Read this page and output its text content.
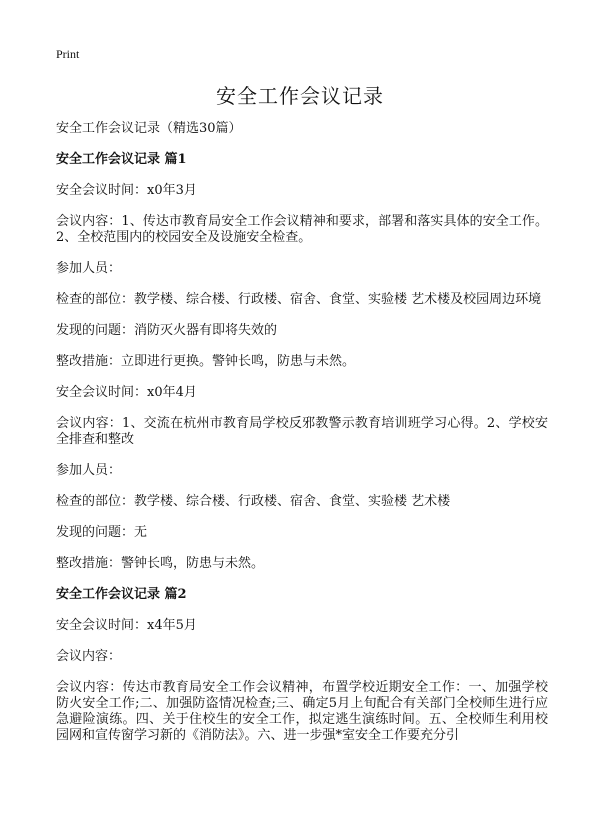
Print
安全工作会议记录

安全工作会议记录（精选30篇）

安全工作会议记录 篇1

安全会议时间：x0年3月

会议内容：1、传达市教育局安全工作会议精神和要求，部署和落实具体的安全工作。2、全校范围内的校园安全及设施安全检查。

参加人员：

检查的部位：教学楼、综合楼、行政楼、宿舍、食堂、实验楼 艺术楼及校园周边环境

发现的问题：消防灭火器有即将失效的

整改措施：立即进行更换。警钟长鸣，防患与未然。

安全会议时间：x0年4月

会议内容：1、交流在杭州市教育局学校反邪教警示教育培训班学习心得。2、学校安全排查和整改

参加人员：

检查的部位：教学楼、综合楼、行政楼、宿舍、食堂、实验楼 艺术楼

发现的问题：无

整改措施：警钟长鸣，防患与未然。

安全工作会议记录 篇2

安全会议时间：x4年5月

会议内容：

会议内容：传达市教育局安全工作会议精神，布置学校近期安全工作：一、加强学校防火安全工作;二、加强防盗情况检查;三、确定5月上旬配合有关部门全校师生进行应急避险演练。四、关于住校生的安全工作，拟定逃生演练时间。五、全校师生利用校园网和宣传窗学习新的《消防法》。六、进一步强*室安全工作要充分引
